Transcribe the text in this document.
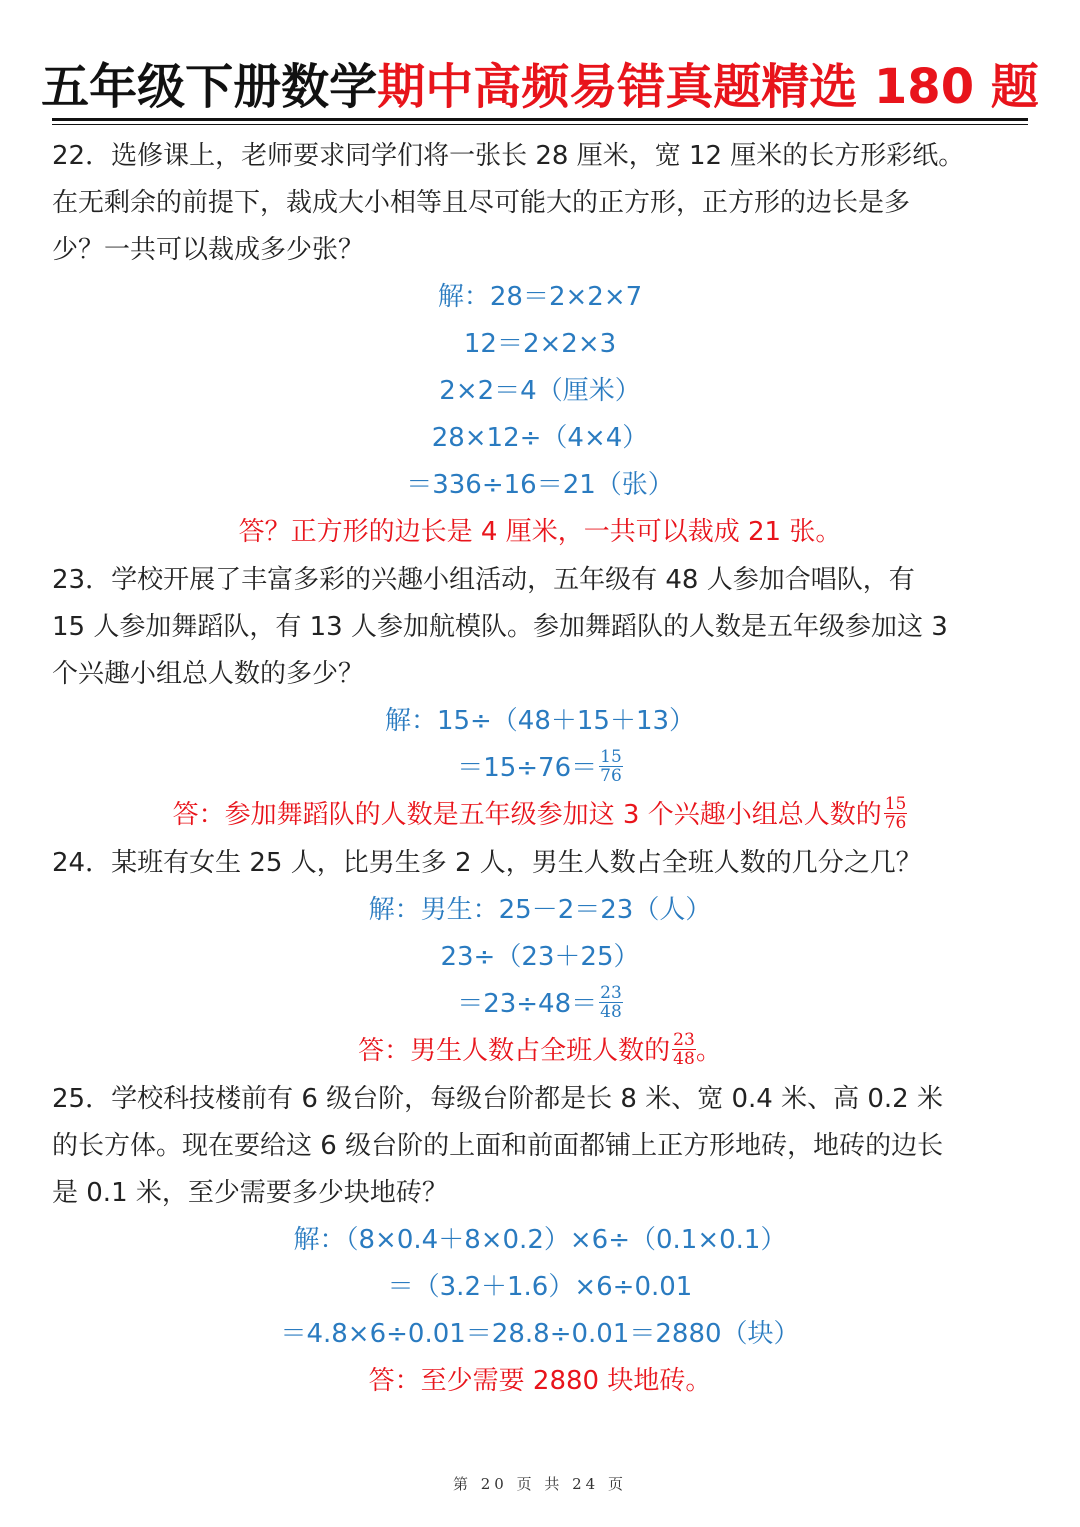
五年级下册数学期中高频易错真题精选 180 题
22．选修课上，老师要求同学们将一张长 28 厘米，宽 12 厘米的长方形彩纸。
在无剩余的前提下，裁成大小相等且尽可能大的正方形，正方形的边长是多
少？一共可以裁成多少张？
解：28＝2×2×7
12＝2×2×3
2×2＝4（厘米）
28×12÷（4×4）
＝336÷16＝21（张）
答？正方形的边长是 4 厘米，一共可以裁成 21 张。
23．学校开展了丰富多彩的兴趣小组活动，五年级有 48 人参加合唱队，有
15 人参加舞蹈队，有 13 人参加航模队。参加舞蹈队的人数是五年级参加这 3
个兴趣小组总人数的多少？
解：15÷（48＋15＋13）
$=15\div 76= \frac{15}{76}$
答：参加舞蹈队的人数是五年级参加这 3 个兴趣小组总人数的 $\frac{15}{76}$
24．某班有女生 25 人，比男生多 2 人，男生人数占全班人数的几分之几？
解：男生：25－2＝23（人）
23÷（23＋25）
$=23\div 48= \frac{23}{48}$
答：男生人数占全班人数的 $\frac{23}{48}$ 。
25．学校科技楼前有 6 级台阶，每级台阶都是长 8 米、宽 0.4 米、高 0.2 米
的长方体。现在要给这 6 级台阶的上面和前面都铺上正方形地砖，地砖的边长
是 0.1 米，至少需要多少块地砖？
解：（8×0.4＋8×0.2）×6÷（0.1×0.1）
＝（3.2＋1.6）×6÷0.01
＝4.8×6÷0.01＝28.8÷0.01＝2880（块）
答：至少需要 2880 块地砖。
第 20 页 共 24 页
